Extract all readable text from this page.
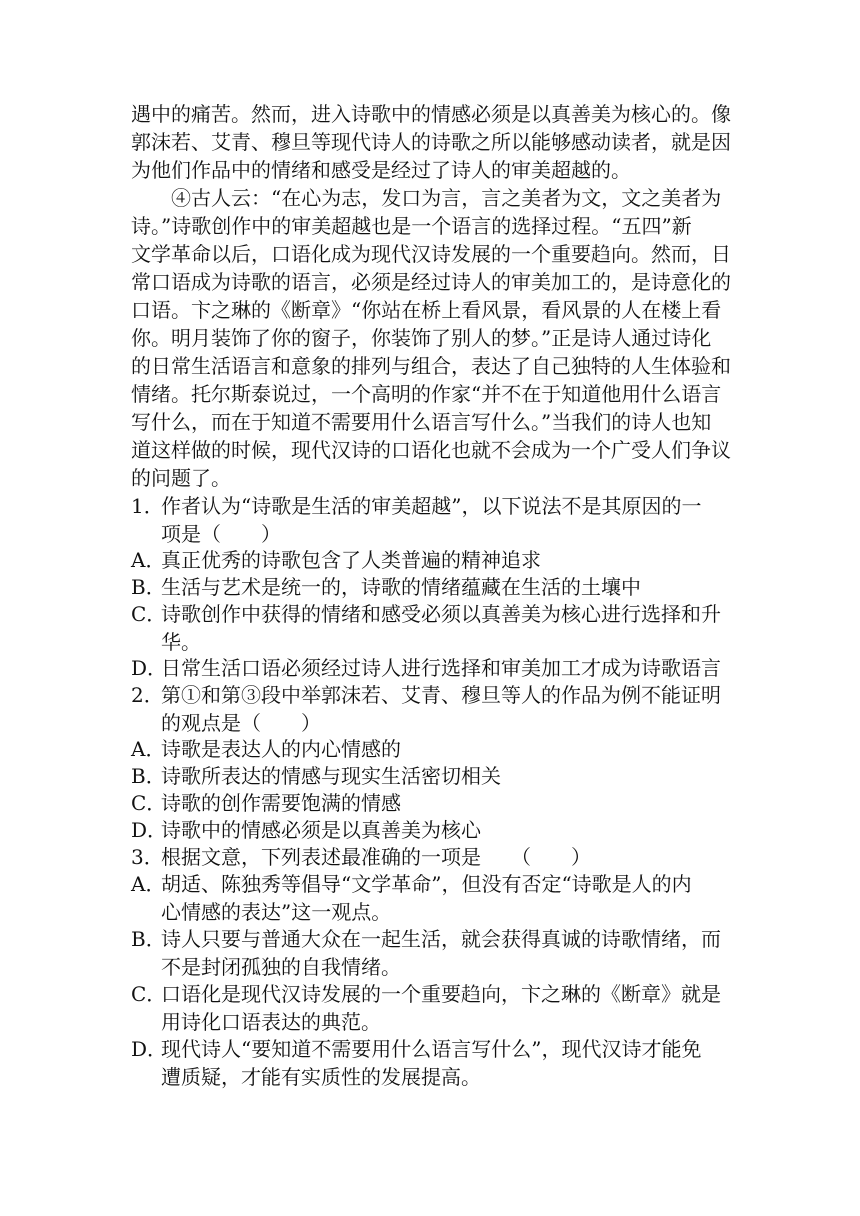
遇中的痛苦。然而，进入诗歌中的情感必须是以真善美为核心的。像
郭沫若、艾青、穆旦等现代诗人的诗歌之所以能够感动读者，就是因
为他们作品中的情绪和感受是经过了诗人的审美超越的。
　　④古人云：“在心为志，发口为言，言之美者为文，文之美者为
诗。”诗歌创作中的审美超越也是一个语言的选择过程。“五四”新
文学革命以后，口语化成为现代汉诗发展的一个重要趋向。然而，日
常口语成为诗歌的语言，必须是经过诗人的审美加工的，是诗意化的
口语。卞之琳的《断章》“你站在桥上看风景，看风景的人在楼上看
你。明月装饰了你的窗子，你装饰了别人的梦。”正是诗人通过诗化
的日常生活语言和意象的排列与组合，表达了自己独特的人生体验和
情绪。托尔斯泰说过，一个高明的作家“并不在于知道他用什么语言
写什么，而在于知道不需要用什么语言写什么。”当我们的诗人也知
道这样做的时候，现代汉诗的口语化也就不会成为一个广受人们争议
的问题了。
1．作者认为“诗歌是生活的审美超越”，以下说法不是其原因的一
项是（　　）
A．真正优秀的诗歌包含了人类普遍的精神追求
B．生活与艺术是统一的，诗歌的情绪蕴藏在生活的土壤中
C．诗歌创作中获得的情绪和感受必须以真善美为核心进行选择和升
华。
D．日常生活口语必须经过诗人进行选择和审美加工才成为诗歌语言
2．第①和第③段中举郭沫若、艾青、穆旦等人的作品为例不能证明
的观点是（　　）
A．诗歌是表达人的内心情感的
B．诗歌所表达的情感与现实生活密切相关
C．诗歌的创作需要饱满的情感
D．诗歌中的情感必须是以真善美为核心
3．根据文意，下列表述最准确的一项是　　（　　）
A．胡适、陈独秀等倡导“文学革命”，但没有否定“诗歌是人的内
心情感的表达”这一观点。
B．诗人只要与普通大众在一起生活，就会获得真诚的诗歌情绪，而
不是封闭孤独的自我情绪。
C．口语化是现代汉诗发展的一个重要趋向，卞之琳的《断章》就是
用诗化口语表达的典范。
D．现代诗人“要知道不需要用什么语言写什么”，现代汉诗才能免
遭质疑，才能有实质性的发展提高。
